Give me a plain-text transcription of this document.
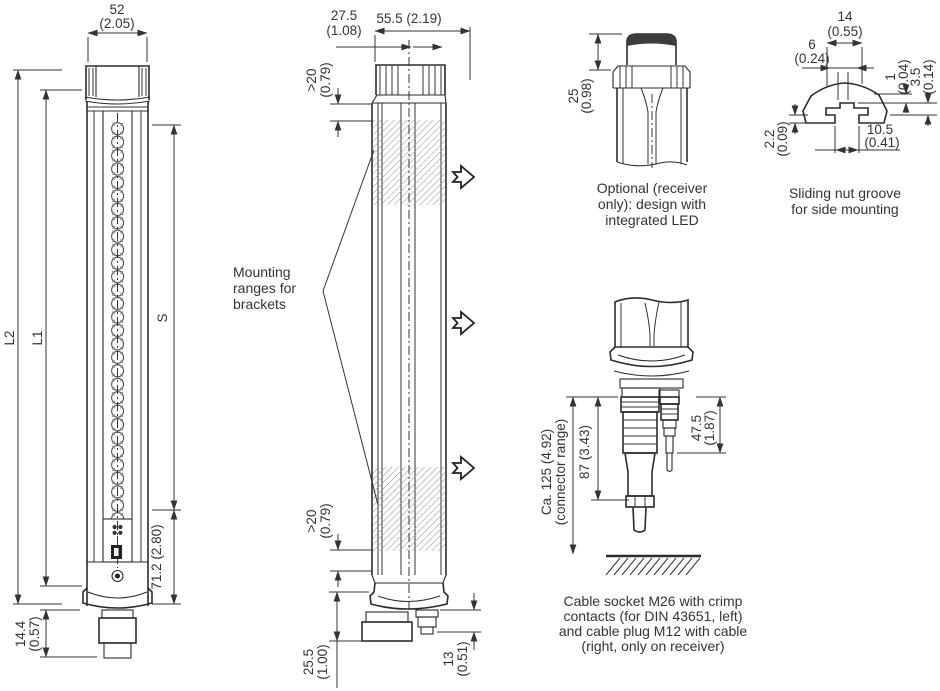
52
(2.05)
L2 L1
S
71.2 (2.80)
14.4 (0.57)
27.5
(1.08)
55.5 (2.19)
>20 (0.79)
>20 (0.79)
Mounting
ranges for
brackets
25.5 (1.00)	13 (0.51)
25
(0.98)
Optional (receiver
only): design with
integrated LED
14
(0.55)
6
(0.24)
1
(0.04)
3.5
(0.14)
2.2
(0.09)	10.5
(0.41)
Sliding nut groove
for side mounting
Ca. 125 (4.92) (connector range) 87 (3.43)	47.5
(1.87)
Cable socket M26 with crimp
contacts (for DIN 43651, left)
and cable plug M12 with cable
(right, only on receiver)
